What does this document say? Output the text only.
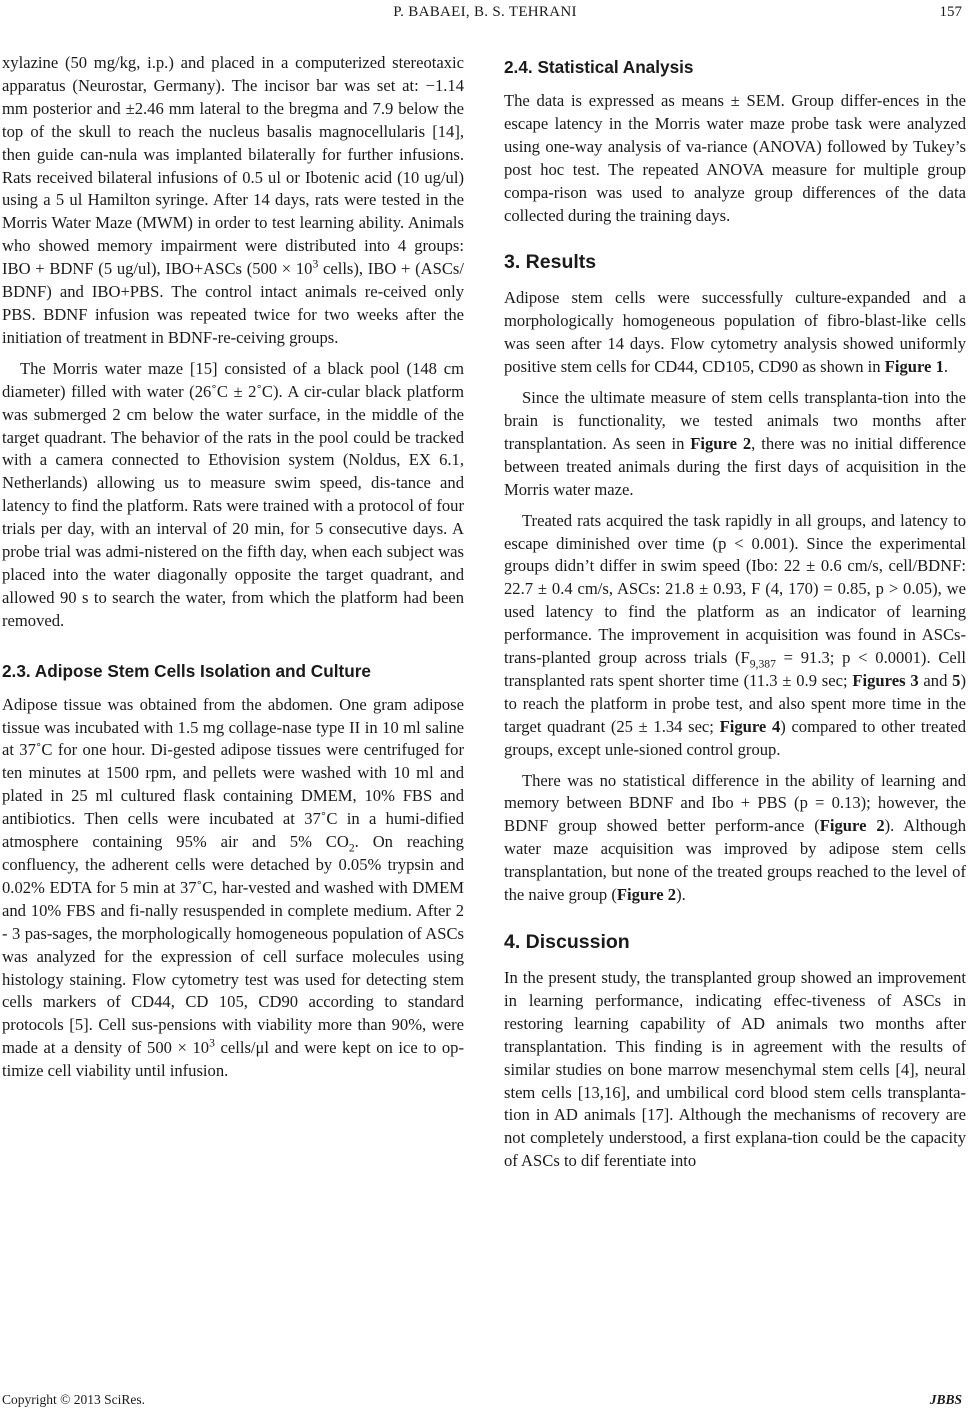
P. BABAEI, B. S. TEHRANI	157

xylazine (50 mg/kg, i.p.) and placed in a computerized stereotaxic apparatus (Neurostar, Germany). The incisor bar was set at: −1.14 mm posterior and ±2.46 mm lateral to the bregma and 7.9 below the top of the skull to reach the nucleus basalis magnocellularis [14], then guide can-nula was implanted bilaterally for further infusions. Rats received bilateral infusions of 0.5 ul or Ibotenic acid (10 ug/ul) using a 5 ul Hamilton syringe. After 14 days, rats were tested in the Morris Water Maze (MWM) in order to test learning ability. Animals who showed memory impairment were distributed into 4 groups: IBO + BDNF (5 ug/ul), IBO+ASCs ($500 \times 10^3$ cells), IBO + (ASCs/ BDNF) and IBO+PBS. The control intact animals re-ceived only PBS. BDNF infusion was repeated twice for two weeks after the initiation of treatment in BDNF-re-ceiving groups.

The Morris water maze [15] consisted of a black pool (148 cm diameter) filled with water (26˚C ± 2˚C). A cir-cular black platform was submerged 2 cm below the water surface, in the middle of the target quadrant. The behavior of the rats in the pool could be tracked with a camera connected to Ethovision system (Noldus, EX 6.1, Netherlands) allowing us to measure swim speed, dis-tance and latency to find the platform. Rats were trained with a protocol of four trials per day, with an interval of 20 min, for 5 consecutive days. A probe trial was admi-nistered on the fifth day, when each subject was placed into the water diagonally opposite the target quadrant, and allowed 90 s to search the water, from which the platform had been removed.

2.3. Adipose Stem Cells Isolation and Culture

Adipose tissue was obtained from the abdomen. One gram adipose tissue was incubated with 1.5 mg collage-nase type II in 10 ml saline at 37˚C for one hour. Di-gested adipose tissues were centrifuged for ten minutes at 1500 rpm, and pellets were washed with 10 ml and plated in 25 ml cultured flask containing DMEM, 10% FBS and antibiotics. Then cells were incubated at 37˚C in a humi-dified atmosphere containing 95% air and 5% $CO_2$. On reaching confluency, the adherent cells were detached by 0.05% trypsin and 0.02% EDTA for 5 min at 37˚C, har-vested and washed with DMEM and 10% FBS and fi-nally resuspended in complete medium. After 2 - 3 pas-sages, the morphologically homogeneous population of ASCs was analyzed for the expression of cell surface molecules using histology staining. Flow cytometry test was used for detecting stem cells markers of CD44, CD 105, CD90 according to standard protocols [5]. Cell sus-pensions with viability more than 90%, were made at a density of $500 \times 10^3$ cells/μl and were kept on ice to op-timize cell viability until infusion.

2.4. Statistical Analysis

The data is expressed as means ± SEM. Group differ-ences in the escape latency in the Morris water maze probe task were analyzed using one-way analysis of va-riance (ANOVA) followed by Tukey’s post hoc test. The repeated ANOVA measure for multiple group compa-rison was used to analyze group differences of the data collected during the training days.

3. Results

Adipose stem cells were successfully culture-expanded and a morphologically homogeneous population of fibro-blast-like cells was seen after 14 days. Flow cytometry analysis showed uniformly positive stem cells for CD44, CD105, CD90 as shown in Figure 1.

Since the ultimate measure of stem cells transplanta-tion into the brain is functionality, we tested animals two months after transplantation. As seen in Figure 2, there was no initial difference between treated animals during the first days of acquisition in the Morris water maze.

Treated rats acquired the task rapidly in all groups, and latency to escape diminished over time (p < 0.001). Since the experimental groups didn’t differ in swim speed (Ibo: 22 ± 0.6 cm/s, cell/BDNF: 22.7 ± 0.4 cm/s, ASCs: 21.8 ± 0.93, F (4, 170) = 0.85, p > 0.05), we used latency to find the platform as an indicator of learning performance. The improvement in acquisition was found in ASCs-trans-planted group across trials ($F_{9,387} = 91.3$; p < 0.0001). Cell transplanted rats spent shorter time (11.3 ± 0.9 sec; Figures 3 and 5) to reach the platform in probe test, and also spent more time in the target quadrant (25 ± 1.34 sec; Figure 4) compared to other treated groups, except unle-sioned control group.

There was no statistical difference in the ability of learning and memory between BDNF and Ibo + PBS (p = 0.13); however, the BDNF group showed better perform-ance (Figure 2). Although water maze acquisition was improved by adipose stem cells transplantation, but none of the treated groups reached to the level of the naive group (Figure 2).

4. Discussion

In the present study, the transplanted group showed an improvement in learning performance, indicating effec-tiveness of ASCs in restoring learning capability of AD animals two months after transplantation. This finding is in agreement with the results of similar studies on bone marrow mesenchymal stem cells [4], neural stem cells [13,16], and umbilical cord blood stem cells transplanta-tion in AD animals [17]. Although the mechanisms of recovery are not completely understood, a first explana-tion could be the capacity of ASCs to dif ferentiate into

Copyright © 2013 SciRes.	JBBS
